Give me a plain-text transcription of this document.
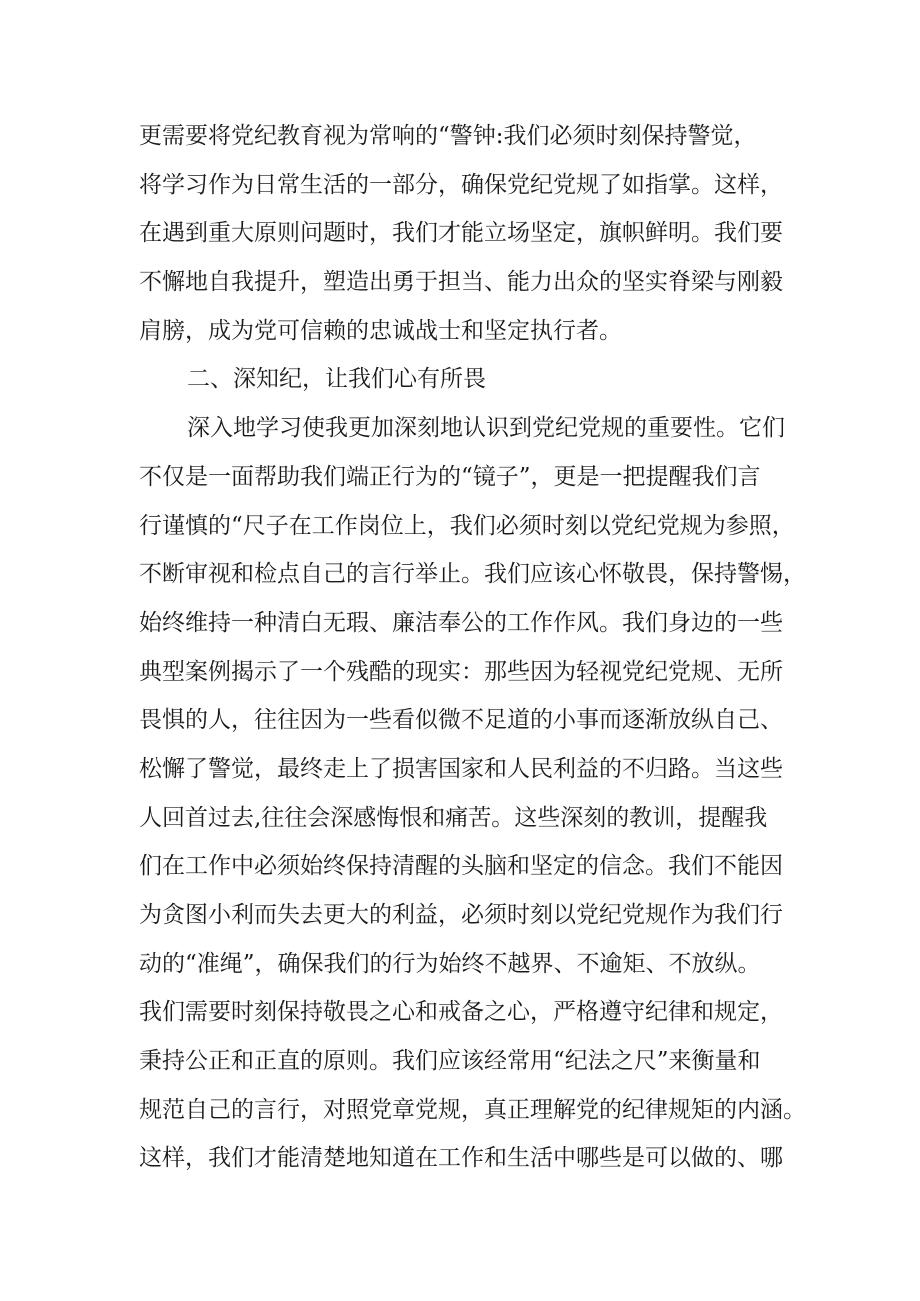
更需要将党纪教育视为常响的“警钟:我们必须时刻保持警觉，
将学习作为日常生活的一部分，确保党纪党规了如指掌。这样，
在遇到重大原则问题时，我们才能立场坚定，旗帜鲜明。我们要
不懈地自我提升，塑造出勇于担当、能力出众的坚实脊梁与刚毅
肩膀，成为党可信赖的忠诚战士和坚定执行者。
二、深知纪，让我们心有所畏
深入地学习使我更加深刻地认识到党纪党规的重要性。它们
不仅是一面帮助我们端正行为的“镜子”，更是一把提醒我们言
行谨慎的“尺子在工作岗位上，我们必须时刻以党纪党规为参照，
不断审视和检点自己的言行举止。我们应该心怀敬畏，保持警惕，
始终维持一种清白无瑕、廉洁奉公的工作作风。我们身边的一些
典型案例揭示了一个残酷的现实：那些因为轻视党纪党规、无所
畏惧的人，往往因为一些看似微不足道的小事而逐渐放纵自己、
松懈了警觉，最终走上了损害国家和人民利益的不归路。当这些
人回首过去,往往会深感悔恨和痛苦。这些深刻的教训，提醒我
们在工作中必须始终保持清醒的头脑和坚定的信念。我们不能因
为贪图小利而失去更大的利益，必须时刻以党纪党规作为我们行
动的“准绳”，确保我们的行为始终不越界、不逾矩、不放纵。
我们需要时刻保持敬畏之心和戒备之心，严格遵守纪律和规定，
秉持公正和正直的原则。我们应该经常用“纪法之尺”来衡量和
规范自己的言行，对照党章党规，真正理解党的纪律规矩的内涵。
这样，我们才能清楚地知道在工作和生活中哪些是可以做的、哪
